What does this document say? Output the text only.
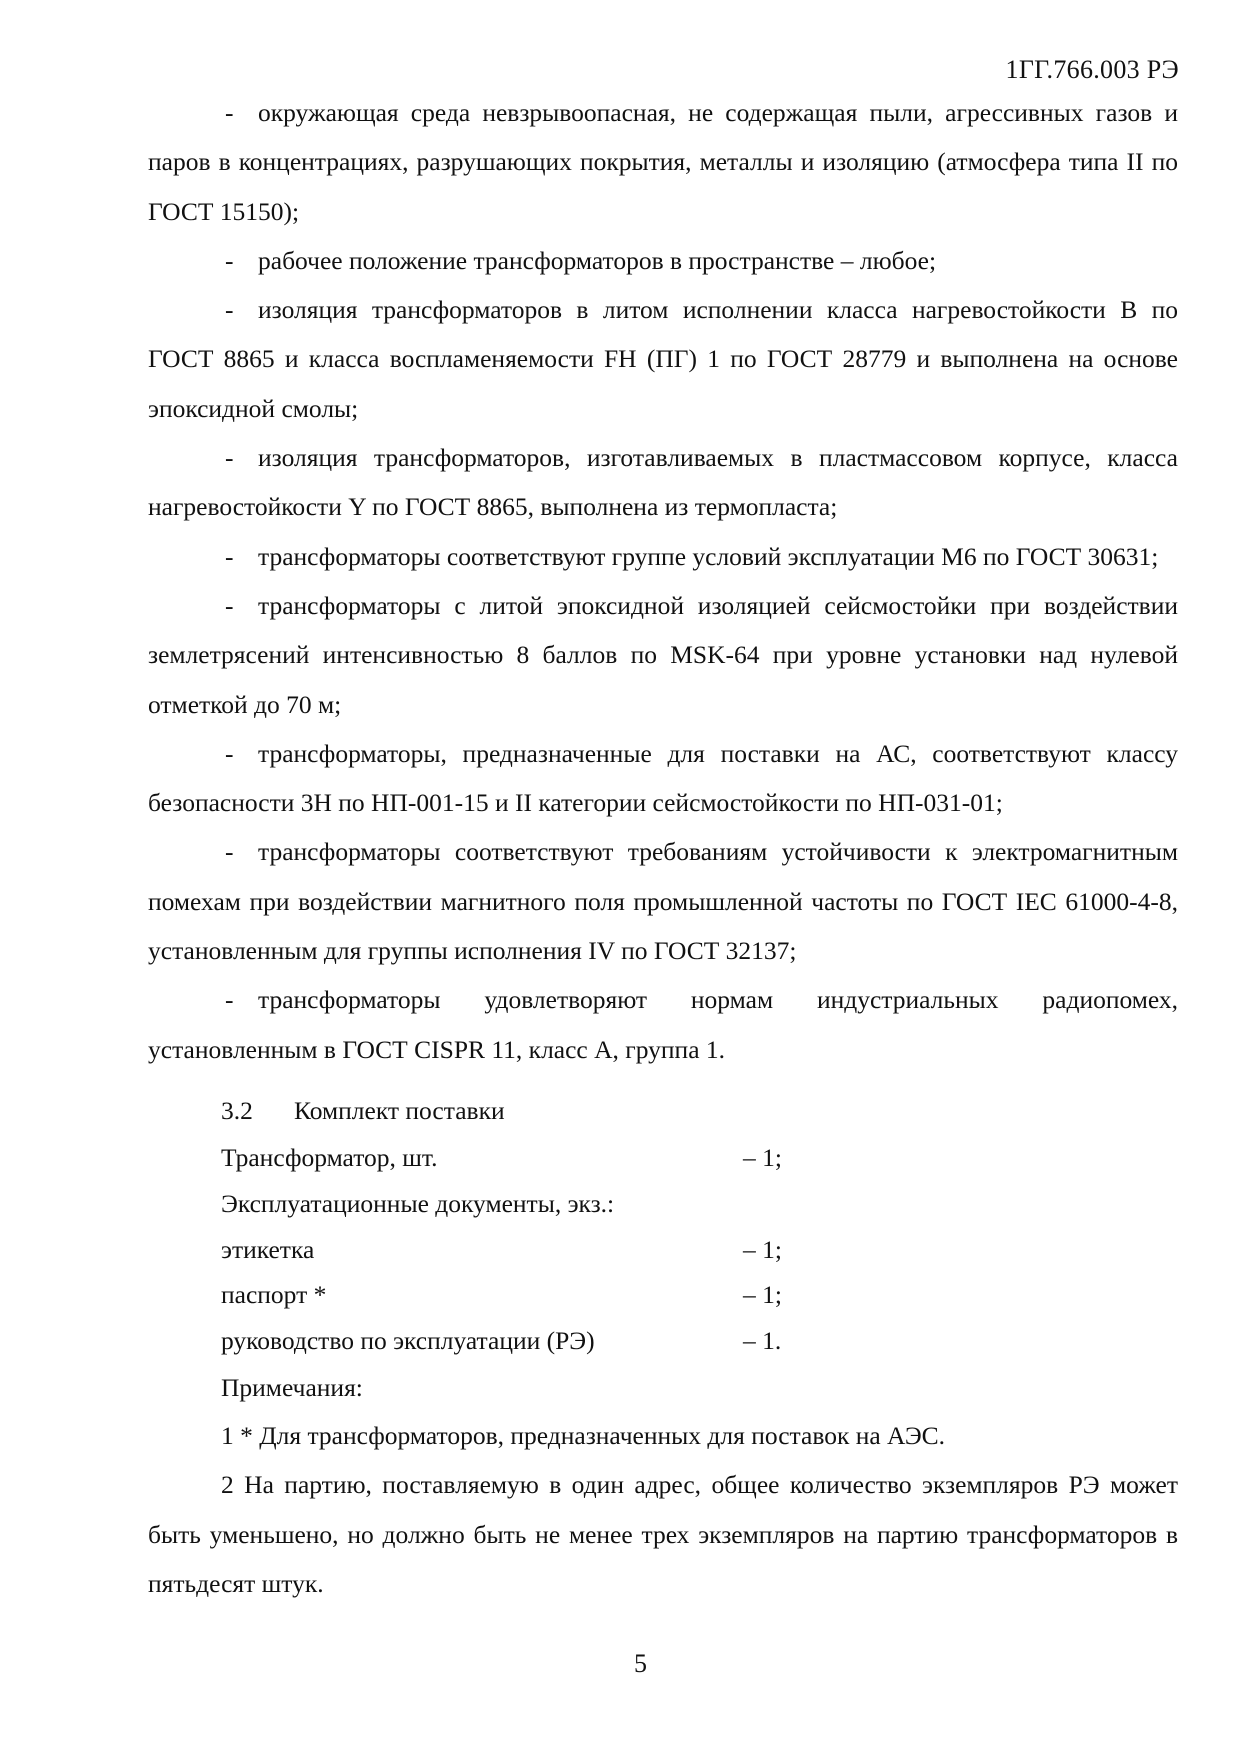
1ГГ.766.003 РЭ

- окружающая среда невзрывоопасная, не содержащая пыли, агрессивных газов и паров в концентрациях, разрушающих покрытия, металлы и изоляцию (атмосфера типа II по ГОСТ 15150);

- рабочее положение трансформаторов в пространстве – любое;

- изоляция трансформаторов в литом исполнении класса нагревостойкости B по ГОСТ 8865 и класса воспламеняемости FH (ПГ) 1 по ГОСТ 28779 и выполнена на основе эпоксидной смолы;

- изоляция трансформаторов, изготавливаемых в пластмассовом корпусе, класса нагревостойкости Y по ГОСТ 8865, выполнена из термопласта;

- трансформаторы соответствуют группе условий эксплуатации М6 по ГОСТ 30631;

- трансформаторы с литой эпоксидной изоляцией сейсмостойки при воздействии землетрясений интенсивностью 8 баллов по MSK-64 при уровне установки над нулевой отметкой до 70 м;

- трансформаторы, предназначенные для поставки на АС, соответствуют классу безопасности 3Н по НП-001-15 и II категории сейсмостойкости по НП-031-01;

- трансформаторы соответствуют требованиям устойчивости к электромагнитным помехам при воздействии магнитного поля промышленной частоты по ГОСТ IEC 61000-4-8, установленным для группы исполнения IV по ГОСТ 32137;

- трансформаторы удовлетворяют нормам индустриальных радиопомех, установленным в ГОСТ CISPR 11, класс А, группа 1.

3.2 Комплект поставки
Трансформатор, шт.	– 1;
Эксплуатационные документы, экз.:
этикетка	– 1;
паспорт *	– 1;
руководство по эксплуатации (РЭ)	– 1.
Примечания:

1 * Для трансформаторов, предназначенных для поставок на АЭС.

2 На партию, поставляемую в один адрес, общее количество экземпляров РЭ может быть уменьшено, но должно быть не менее трех экземпляров на партию трансформаторов в пятьдесят штук.

5
